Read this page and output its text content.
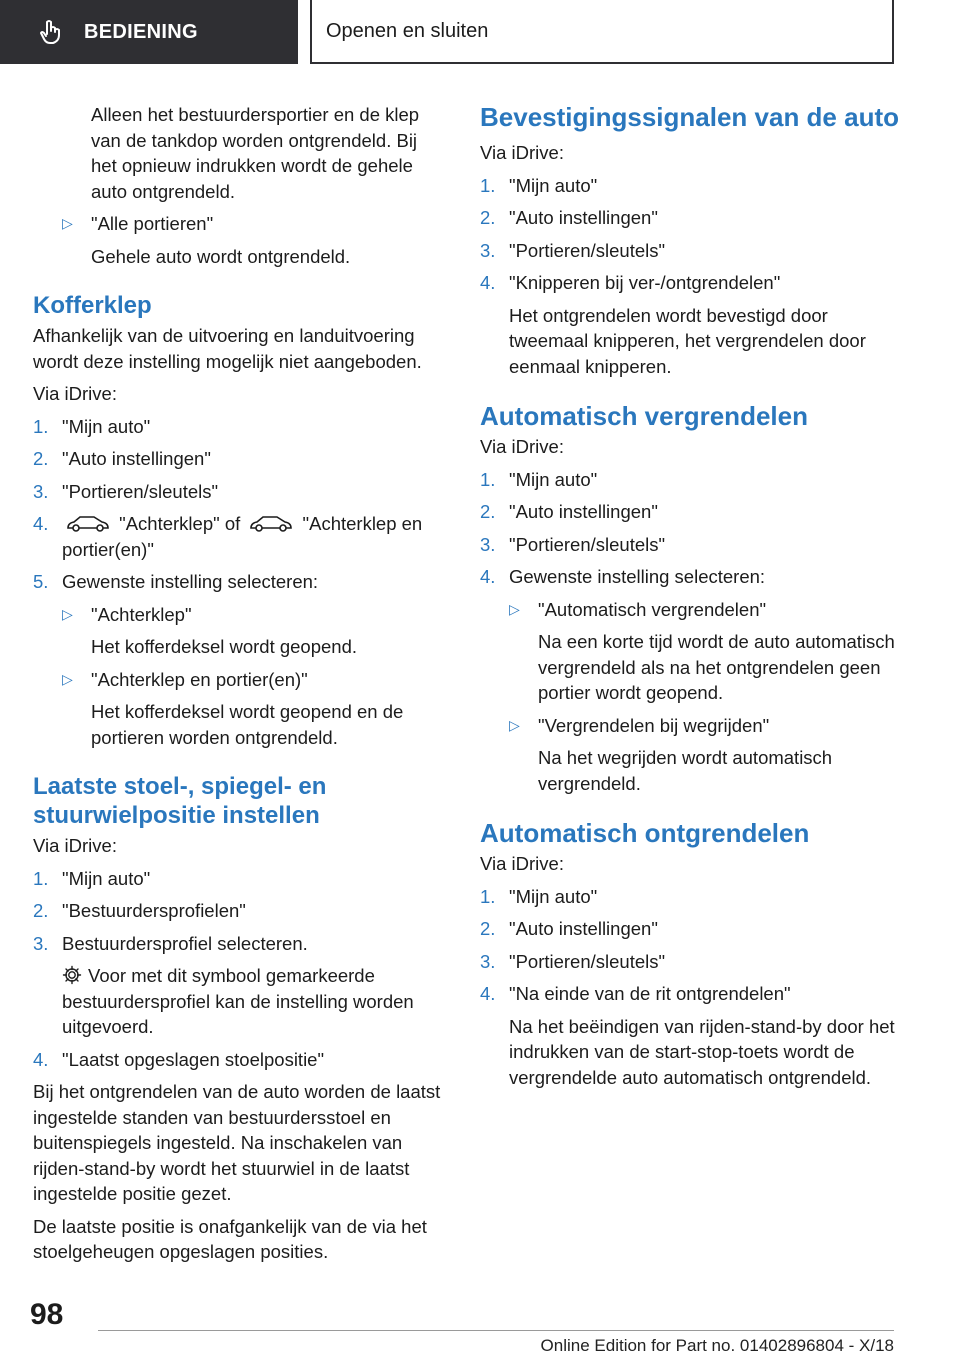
BEDIENING	Openen en sluiten

Alleen het bestuurdersportier en de klep van de tankdop worden ontgrendeld. Bij het opnieuw indrukken wordt de gehele auto ontgrendeld.

▷ "Alle portieren"

Gehele auto wordt ontgrendeld.

Kofferklep

Afhankelijk van de uitvoering en landuitvoering wordt deze instelling mogelijk niet aangeboden.

Via iDrive:

1. "Mijn auto"
2. "Auto instellingen"
3. "Portieren/sleutels"
4.	"Achterklep" of	"Achterklep en portier(en)"
5. Gewenste instelling selecteren:
▷ "Achterklep"

Het kofferdeksel wordt geopend.

▷ "Achterklep en portier(en)"

Het kofferdeksel wordt geopend en de portieren worden ontgrendeld.

Laatste stoel-, spiegel- en stuurwielpositie instellen

Via iDrive:

1. "Mijn auto"
2. "Bestuurdersprofielen"
3. Bestuurdersprofiel selecteren.

Voor met dit symbool gemarkeerde bestuurdersprofiel kan de instelling worden uitgevoerd.

4. "Laatst opgeslagen stoelpositie"

Bij het ontgrendelen van de auto worden de laatst ingestelde standen van bestuurdersstoel en buitenspiegels ingesteld. Na inschakelen van rijden-stand-by wordt het stuurwiel in de laatst ingestelde positie gezet.

De laatste positie is onafgankelijk van de via het stoelgeheugen opgeslagen posities.

Bevestigingssignalen van de auto

Via iDrive:

1. "Mijn auto"
2. "Auto instellingen"
3. "Portieren/sleutels"
4. "Knipperen bij ver-/ontgrendelen"

Het ontgrendelen wordt bevestigd door tweemaal knipperen, het vergrendelen door eenmaal knipperen.

Automatisch vergrendelen

Via iDrive:

1. "Mijn auto"
2. "Auto instellingen"
3. "Portieren/sleutels"
4. Gewenste instelling selecteren:
▷ "Automatisch vergrendelen"

Na een korte tijd wordt de auto automatisch vergrendeld als na het ontgrendelen geen portier wordt geopend.

▷ "Vergrendelen bij wegrijden"

Na het wegrijden wordt automatisch vergrendeld.

Automatisch ontgrendelen

Via iDrive:

1. "Mijn auto"
2. "Auto instellingen"
3. "Portieren/sleutels"
4. "Na einde van de rit ontgrendelen"

Na het beëindigen van rijden-stand-by door het indrukken van de start-stop-toets wordt de vergrendelde auto automatisch ontgrendeld.

98
Online Edition for Part no. 01402896804 - X/18
